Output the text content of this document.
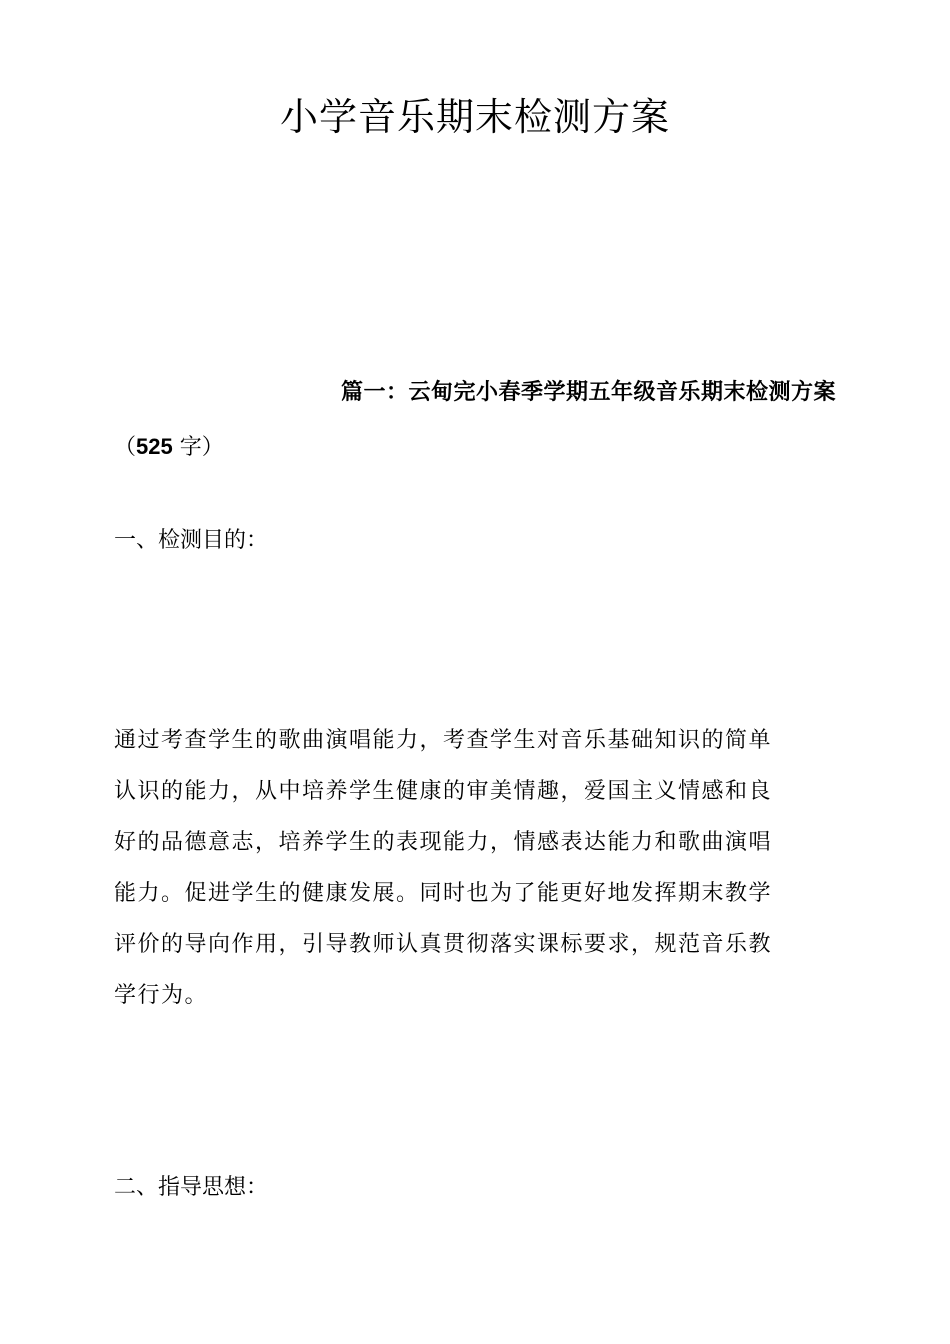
小学音乐期末检测方案
篇一：云甸完小春季学期五年级音乐期末检测方案
（525 字）
一、检测目的：
通过考查学生的歌曲演唱能力，考查学生对音乐基础知识的简单
认识的能力，从中培养学生健康的审美情趣，爱国主义情感和良
好的品德意志，培养学生的表现能力，情感表达能力和歌曲演唱
能力。促进学生的健康发展。同时也为了能更好地发挥期末教学
评价的导向作用，引导教师认真贯彻落实课标要求，规范音乐教
学行为。
二、指导思想：
